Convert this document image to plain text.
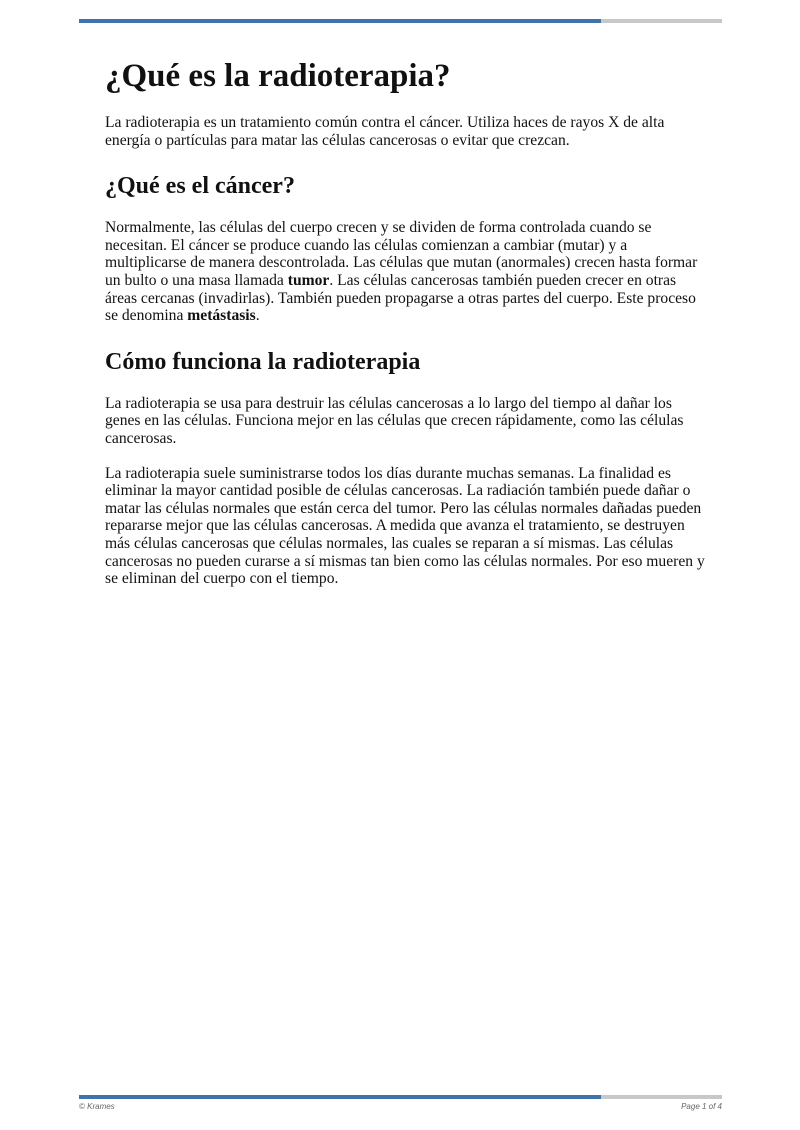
¿Qué es la radioterapia?

La radioterapia es un tratamiento común contra el cáncer. Utiliza haces de rayos X de alta energía o partículas para matar las células cancerosas o evitar que crezcan.

¿Qué es el cáncer?

Normalmente, las células del cuerpo crecen y se dividen de forma controlada cuando se necesitan. El cáncer se produce cuando las células comienzan a cambiar (mutar) y a multiplicarse de manera descontrolada. Las células que mutan (anormales) crecen hasta formar un bulto o una masa llamada tumor. Las células cancerosas también pueden crecer en otras áreas cercanas (invadirlas). También pueden propagarse a otras partes del cuerpo. Este proceso se denomina metástasis.

Cómo funciona la radioterapia

La radioterapia se usa para destruir las células cancerosas a lo largo del tiempo al dañar los genes en las células. Funciona mejor en las células que crecen rápidamente, como las células cancerosas.

La radioterapia suele suministrarse todos los días durante muchas semanas. La finalidad es eliminar la mayor cantidad posible de células cancerosas. La radiación también puede dañar o matar las células normales que están cerca del tumor. Pero las células normales dañadas pueden repararse mejor que las células cancerosas. A medida que avanza el tratamiento, se destruyen más células cancerosas que células normales, las cuales se reparan a sí mismas. Las células cancerosas no pueden curarse a sí mismas tan bien como las células normales. Por eso mueren y se eliminan del cuerpo con el tiempo.

© Krames	Page 1 of 4
